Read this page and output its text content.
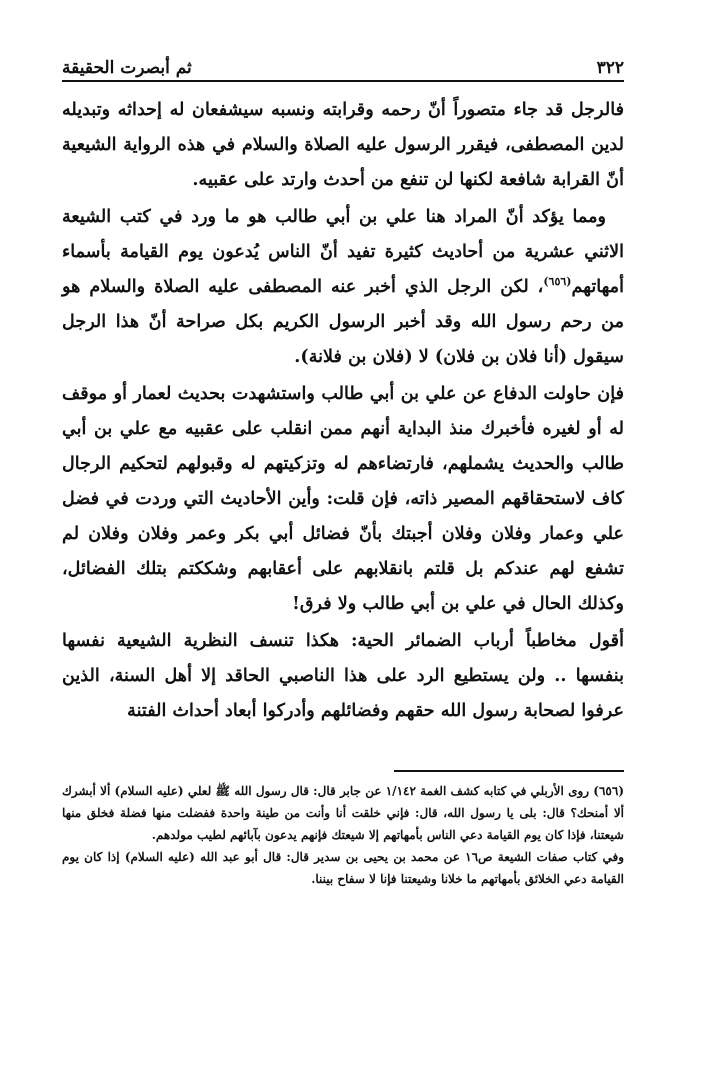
٣٢٢
ثم أبصرت الحقيقة

فالرجل قد جاء متصوراً أنّ رحمه وقرابته ونسبه سيشفعان له إحداثه وتبديله لدين المصطفى، فيقرر الرسول عليه الصلاة والسلام في هذه الرواية الشيعية أنّ القرابة شافعة لكنها لن تنفع من أحدث وارتد على عقبيه.

ومما يؤكد أنّ المراد هنا علي بن أبي طالب هو ما ورد في كتب الشيعة الاثني عشرية من أحاديث كثيرة تفيد أنّ الناس يُدعون يوم القيامة بأسماء أمهاتهم$^{(٦٥٦)}$، لكن الرجل الذي أخبر عنه المصطفى عليه الصلاة والسلام هو من رحم رسول الله وقد أخبر الرسول الكريم بكل صراحة أنّ هذا الرجل سيقول (أنا فلان بن فلان) لا (فلان بن فلانة).

فإن حاولت الدفاع عن علي بن أبي طالب واستشهدت بحديث لعمار أو موقف له أو لغيره فأخبرك منذ البداية أنهم ممن انقلب على عقبيه مع علي بن أبي طالب والحديث يشملهم، فارتضاءهم له وتزكيتهم له وقبولهم لتحكيم الرجال كاف لاستحقاقهم المصير ذاته، فإن قلت: وأين الأحاديث التي وردت في فضل علي وعمار وفلان وفلان أجبتك بأنّ فضائل أبي بكر وعمر وفلان وفلان لم تشفع لهم عندكم بل قلتم بانقلابهم على أعقابهم وشككتم بتلك الفضائل، وكذلك الحال في علي بن أبي طالب ولا فرق!

أقول مخاطباً أرباب الضمائر الحية: هكذا تنسف النظرية الشيعية نفسها بنفسها .. ولن يستطيع الرد على هذا الناصبي الحاقد إلا أهل السنة، الذين عرفوا لصحابة رسول الله حقهم وفضائلهم وأدركوا أبعاد أحداث الفتنة

(٦٥٦) روى الأربلي في كتابه كشف الغمة ١/١٤٢ عن جابر قال: قال رسول الله ﷺ لعلي (عليه السلام) ألا أبشرك ألا أمنحك؟ قال: بلى يا رسول الله، قال: فإني خلقت أنا وأنت من طينة واحدة ففضلت منها فضلة فخلق منها شيعتنا، فإذا كان يوم القيامة دعي الناس بأمهاتهم إلا شيعتك فإنهم يدعون بآبائهم لطيب مولدهم.

وفي كتاب صفات الشيعة ص١٦ عن محمد بن يحيى بن سدير قال: قال أبو عبد الله (عليه السلام) إذا كان يوم القيامة دعي الخلائق بأمهاتهم ما خلانا وشيعتنا فإنا لا سفاح بيننا.
